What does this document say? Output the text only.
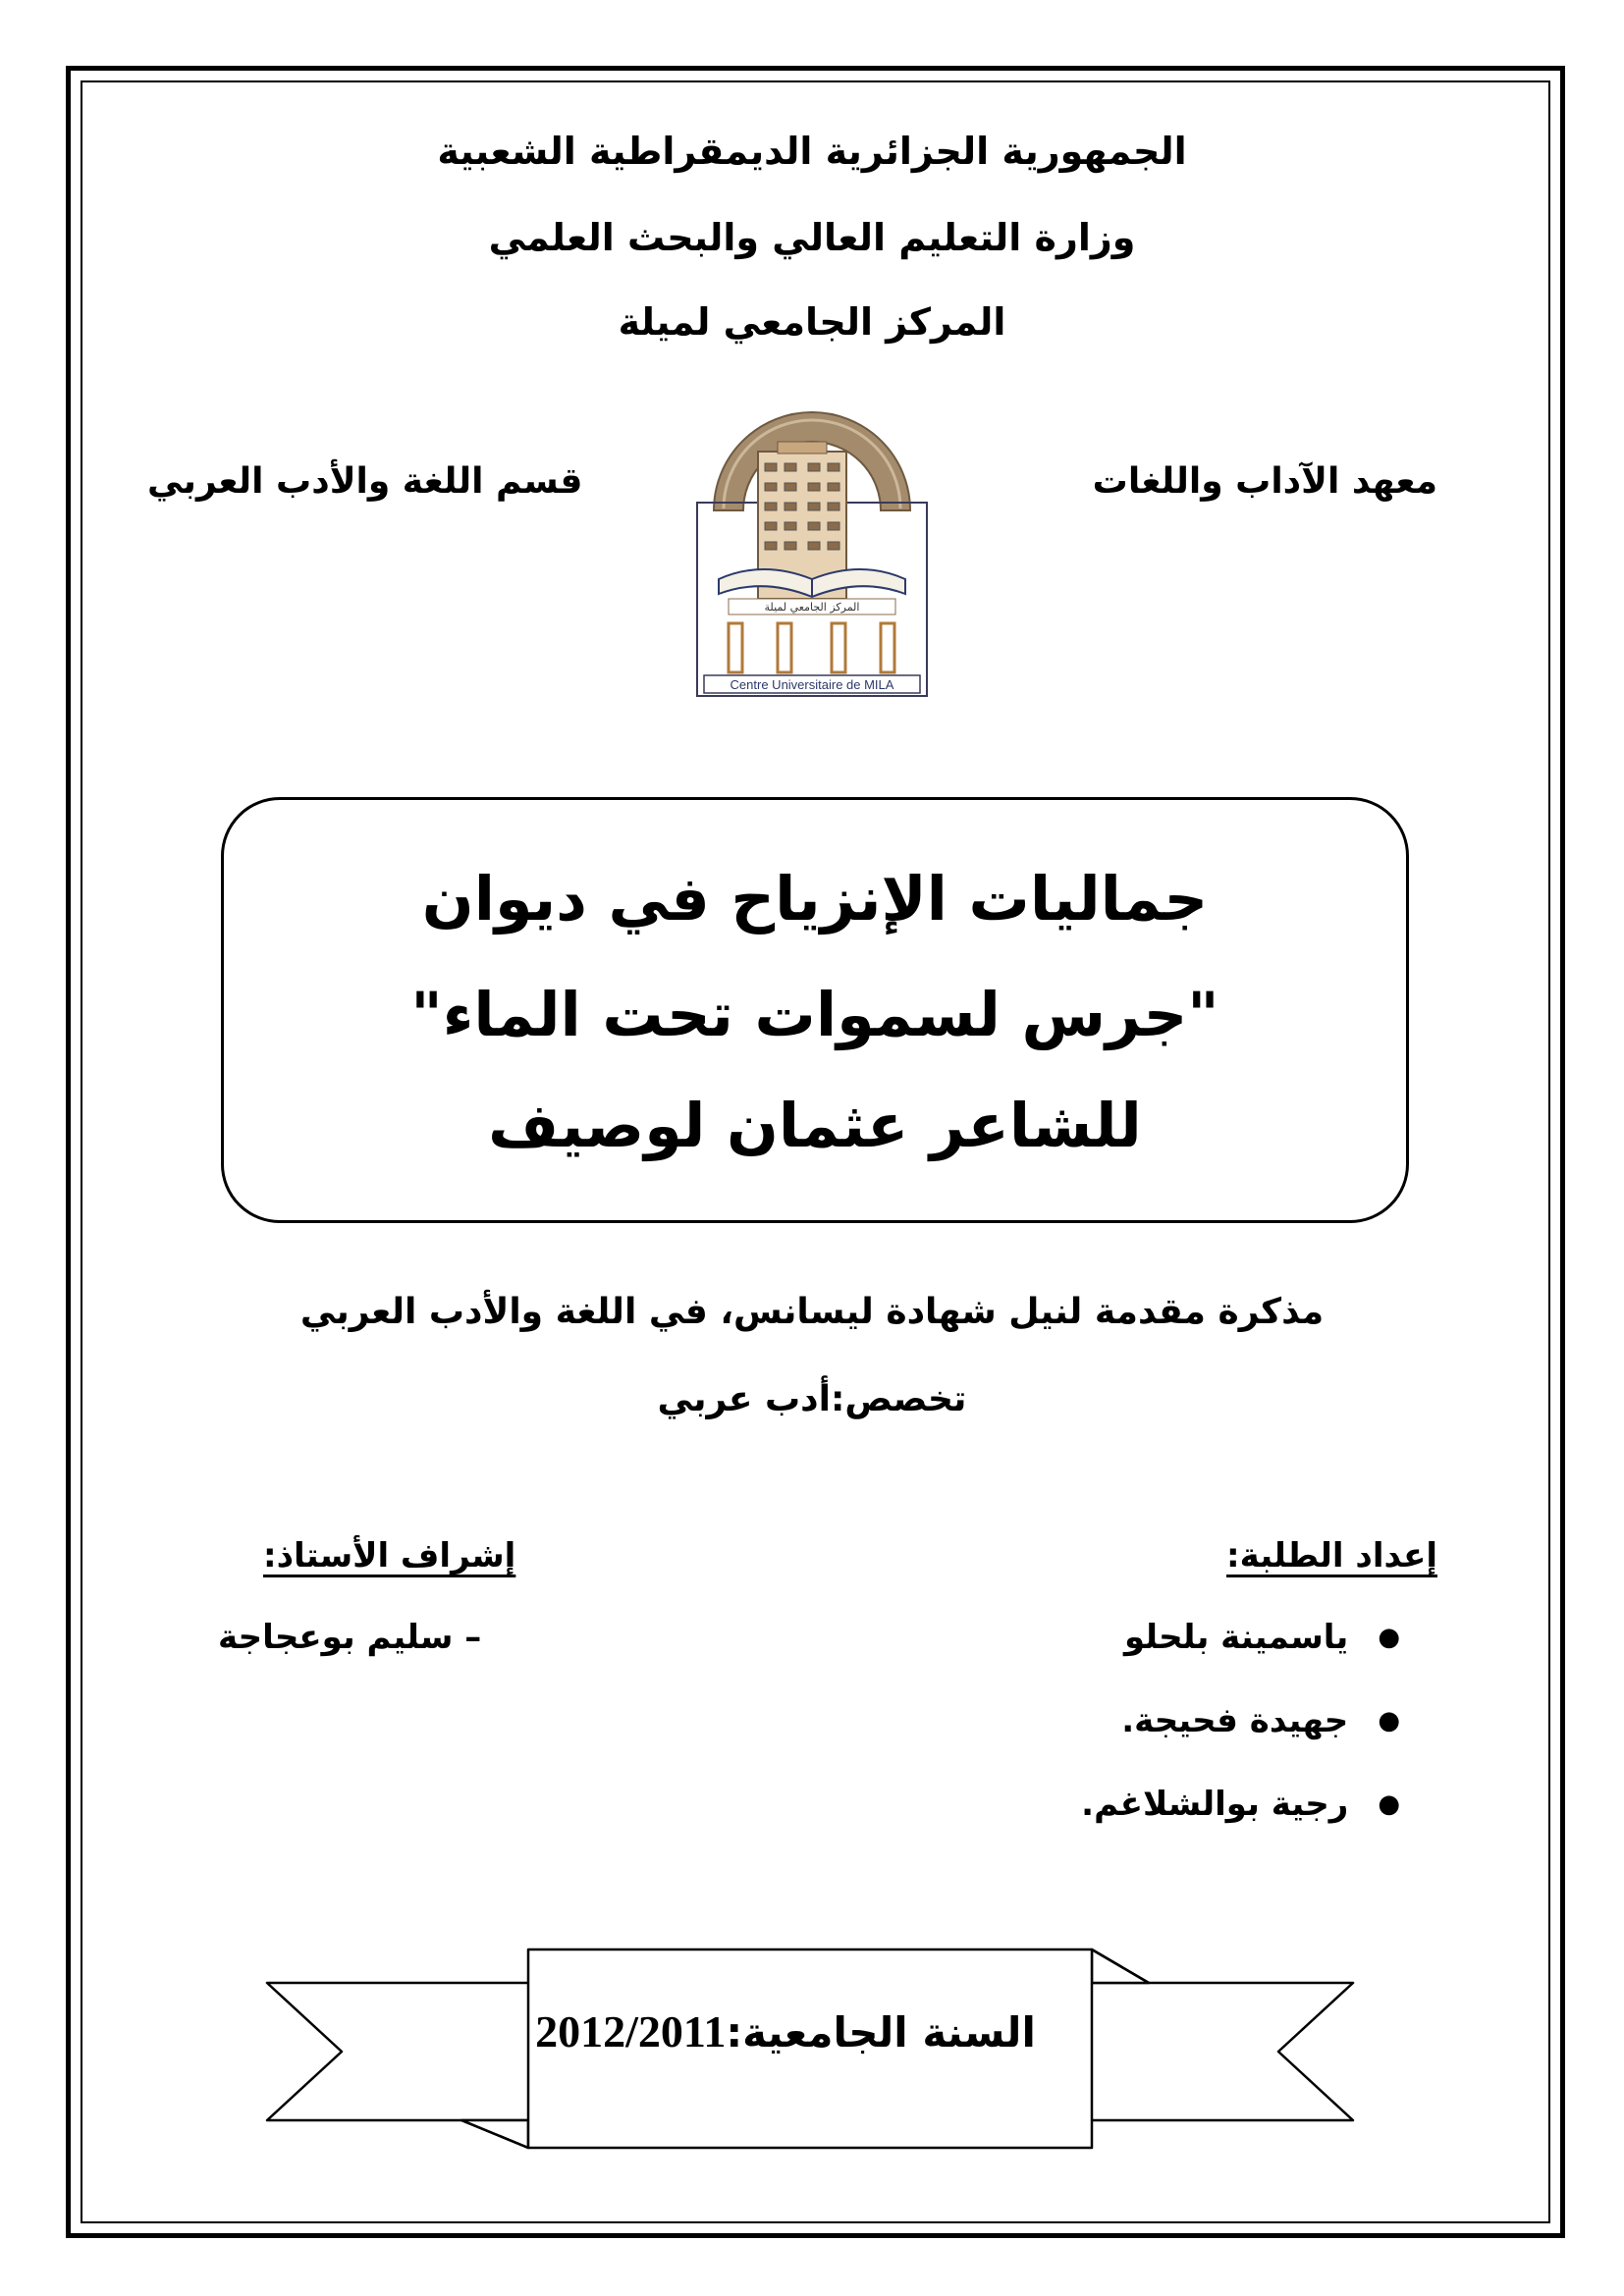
الجمهورية الجزائرية الديمقراطية الشعبية
وزارة التعليم العالي والبحث العلمي
المركز الجامعي لميلة
معهد الآداب واللغات
قسم اللغة والأدب العربي
المركز الجامعي لميلة
Centre Universitaire de MILA
جماليات الإنزياح في ديوان
"جرس لسموات تحت الماء"
للشاعر عثمان لوصيف
مذكرة مقدمة لنيل شهادة ليسانس، في اللغة والأدب العربي
تخصص:أدب عربي
إعداد الطلبة:
إشراف الأستاذ:
●
ياسمينة بلحلو
●
جهيدة فحيجة.
●
رجية بوالشلاغم.
– سليم بوعجاجة
السنة الجامعية:2012/2011
